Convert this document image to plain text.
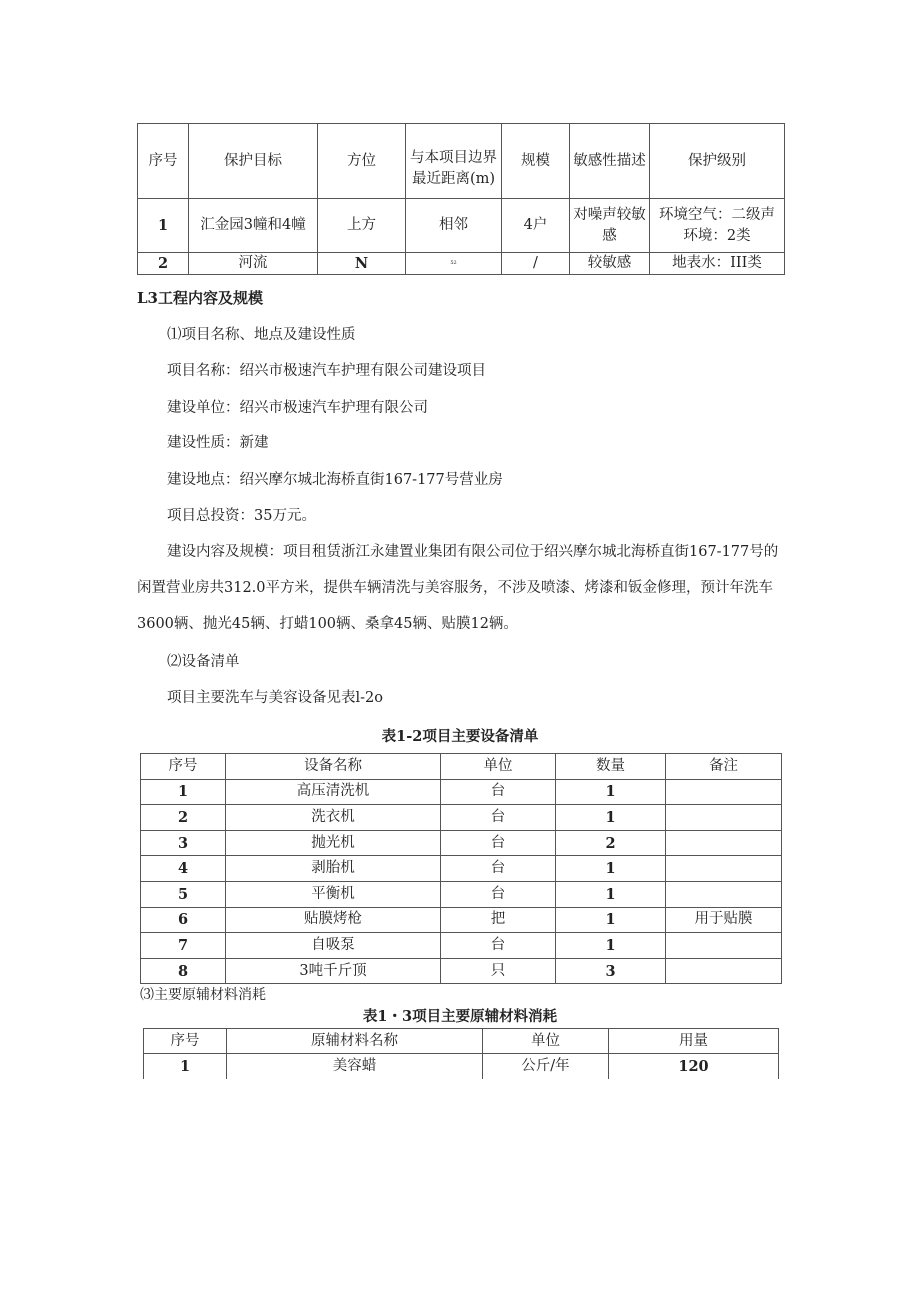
序号	保护目标	方位	与本项目边界最近距离(m)	规模	敏感性描述	保护级别
1	汇金园3幢和4幢	上方	相邻	4户	对噪声较敏感	环境空气：二级声环境：2类
2	河流	N	52	/	较敏感	地表水：III类
L3工程内容及规模
⑴项目名称、地点及建设性质
项目名称：绍兴市极速汽车护理有限公司建设项目
建设单位：绍兴市极速汽车护理有限公司
建设性质：新建
建设地点：绍兴摩尔城北海桥直街167-177号营业房
项目总投资：35万元。
建设内容及规模：项目租赁浙江永建置业集团有限公司位于绍兴摩尔城北海桥直街167-177号的闲置营业房共312.0平方米，提供车辆清洗与美容服务，不涉及喷漆、烤漆和钣金修理，预计年洗车3600辆、抛光45辆、打蜡100辆、桑拿45辆、贴膜12辆。
⑵设备清单
项目主要洗车与美容设备见表l-2o
表1-2项目主要设备清单
序号	设备名称	单位	数量	备注
1	高压清洗机	台	1	
2	洗衣机	台	1	
3	抛光机	台	2	
4	剥胎机	台	1	
5	平衡机	台	1	
6	贴膜烤枪	把	1	用于贴膜
7	自吸泵	台	1	
8	3吨千斤顶	只	3	
⑶主要原辅材料消耗
表1・3项目主要原辅材料消耗
序号	原辅材料名称	单位	用量
1	美容蜡	公斤/年	120
